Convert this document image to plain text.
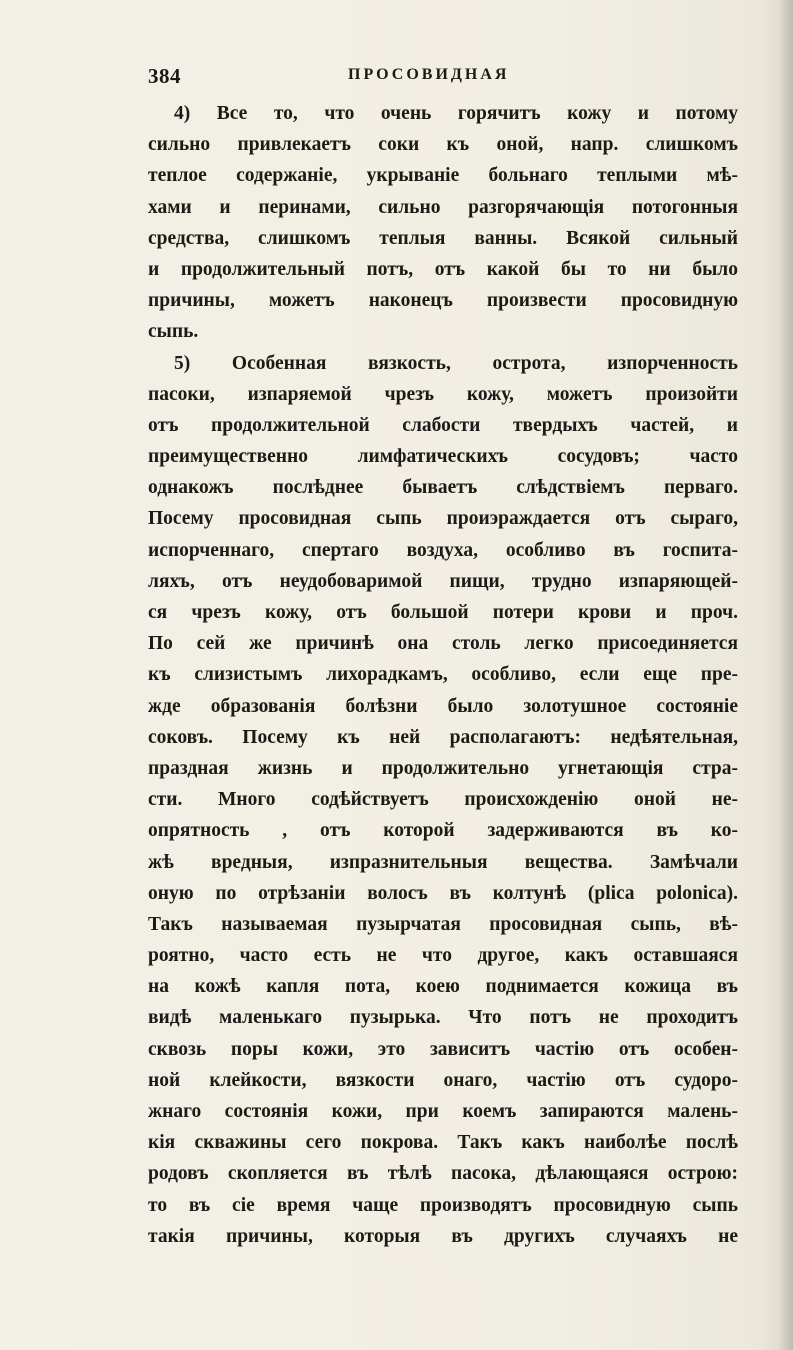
384	ПРОСОВИДНАЯ
4) Все то, что очень горячитъ кожу и потому
сильно привлекаетъ соки къ оной, напр. слишкомъ
теплое содержаніе, укрываніе больнаго теплыми мѣ-
хами и перинами, сильно разгорячающія потогонныя
средства, слишкомъ теплыя ванны. Всякой сильный
и продолжительный потъ, отъ какой бы то ни было
причины, можетъ наконецъ произвести просовидную
сыпь.
5) Особенная вязкость, острота, изпорченность
пасоки, изпаряемой чрезъ кожу, можетъ произойти
отъ продолжительной слабости твердыхъ частей, и
преимущественно лимфатическихъ сосудовъ; часто
однакожъ послѣднее бываетъ слѣдствіемъ перваго.
Посему просовидная сыпь проиэраждается отъ сыраго,
испорченнаго, спертаго воздуха, особливо въ госпита-
ляхъ, отъ неудобоваримой пищи, трудно изпаряющей-
ся чрезъ кожу, отъ большой потери крови и проч.
По сей же причинѣ она столь легко присоединяется
къ слизистымъ лихорадкамъ, особливо, если еще пре-
жде образованія болѣзни было золотушное состояніе
соковъ. Посему къ ней располагаютъ: недѣятельная,
праздная жизнь и продолжительно угнетающія стра-
сти. Много содѣйствуетъ происхожденію оной не-
опрятность , отъ которой задерживаются въ ко-
жѣ вредныя, изпразнительныя вещества. Замѣчали
оную по отрѣзаніи волосъ въ колтунѣ (plica polonica).
Такъ называемая пузырчатая просовидная сыпь, вѣ-
роятно, часто есть не что другое, какъ оставшаяся
на кожѣ капля пота, коею поднимается кожица въ
видѣ маленькаго пузырька. Что потъ не проходитъ
сквозь поры кожи, это зависитъ частію отъ особен-
ной клейкости, вязкости онаго, частію отъ судоро-
жнаго состоянія кожи, при коемъ запираются малень-
кія скважины сего покрова. Такъ какъ наиболѣе послѣ
родовъ скопляется въ тѣлѣ пасока, дѣлающаяся острою:
то въ сіе время чаще производятъ просовидную сыпь
такія причины, которыя въ другихъ случаяхъ не
